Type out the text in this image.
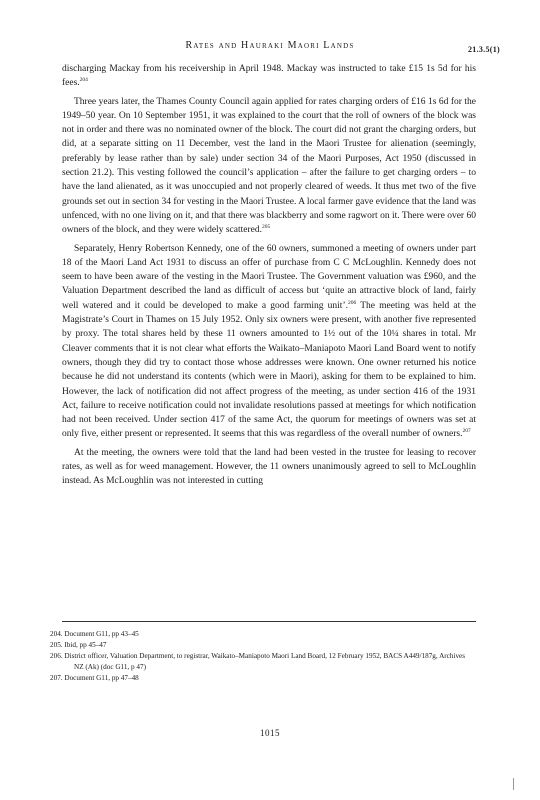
Rates and Hauraki Maori Lands	21.3.5(1)

discharging Mackay from his receivership in April 1948. Mackay was instructed to take £15 1s 5d for his fees.$^{204}$

Three years later, the Thames County Council again applied for rates charging orders of £16 1s 6d for the 1949–50 year. On 10 September 1951, it was explained to the court that the roll of owners of the block was not in order and there was no nominated owner of the block. The court did not grant the charging orders, but did, at a separate sitting on 11 December, vest the land in the Maori Trustee for alienation (seemingly, preferably by lease rather than by sale) under section 34 of the Maori Purposes, Act 1950 (discussed in section 21.2). This vesting followed the council’s application – after the failure to get charging orders – to have the land alienated, as it was unoccupied and not properly cleared of weeds. It thus met two of the five grounds set out in section 34 for vesting in the Maori Trustee. A local farmer gave evidence that the land was unfenced, with no one living on it, and that there was blackberry and some ragwort on it. There were over 60 owners of the block, and they were widely scattered.$^{205}$

Separately, Henry Robertson Kennedy, one of the 60 owners, summoned a meeting of owners under part 18 of the Maori Land Act 1931 to discuss an offer of purchase from C C McLoughlin. Kennedy does not seem to have been aware of the vesting in the Maori Trustee. The Government valuation was £960, and the Valuation Department described the land as difficult of access but ‘quite an attractive block of land, fairly well watered and it could be developed to make a good farming unit’.$^{206}$ The meeting was held at the Magistrate’s Court in Thames on 15 July 1952. Only six owners were present, with another five represented by proxy. The total shares held by these 11 owners amounted to 1½ out of the 10¼ shares in total. Mr Cleaver comments that it is not clear what efforts the Waikato–Maniapoto Maori Land Board went to notify owners, though they did try to contact those whose addresses were known. One owner returned his notice because he did not understand its contents (which were in Maori), asking for them to be explained to him. However, the lack of notification did not affect progress of the meeting, as under section 416 of the 1931 Act, failure to receive notification could not invalidate resolutions passed at meetings for which notification had not been received. Under section 417 of the same Act, the quorum for meetings of owners was set at only five, either present or represented. It seems that this was regardless of the overall number of owners.$^{207}$

At the meeting, the owners were told that the land had been vested in the trustee for leasing to recover rates, as well as for weed management. However, the 11 owners unanimously agreed to sell to McLoughlin instead. As McLoughlin was not interested in cutting

204. Document G11, pp 43–45
205. Ibid, pp 45–47
206. District officer, Valuation Department, to registrar, Waikato–Maniapoto Maori Land Board, 12 February 1952, BACS A449/187g, Archives NZ (Ak) (doc G11, p 47)
207. Document G11, pp 47–48
1015
